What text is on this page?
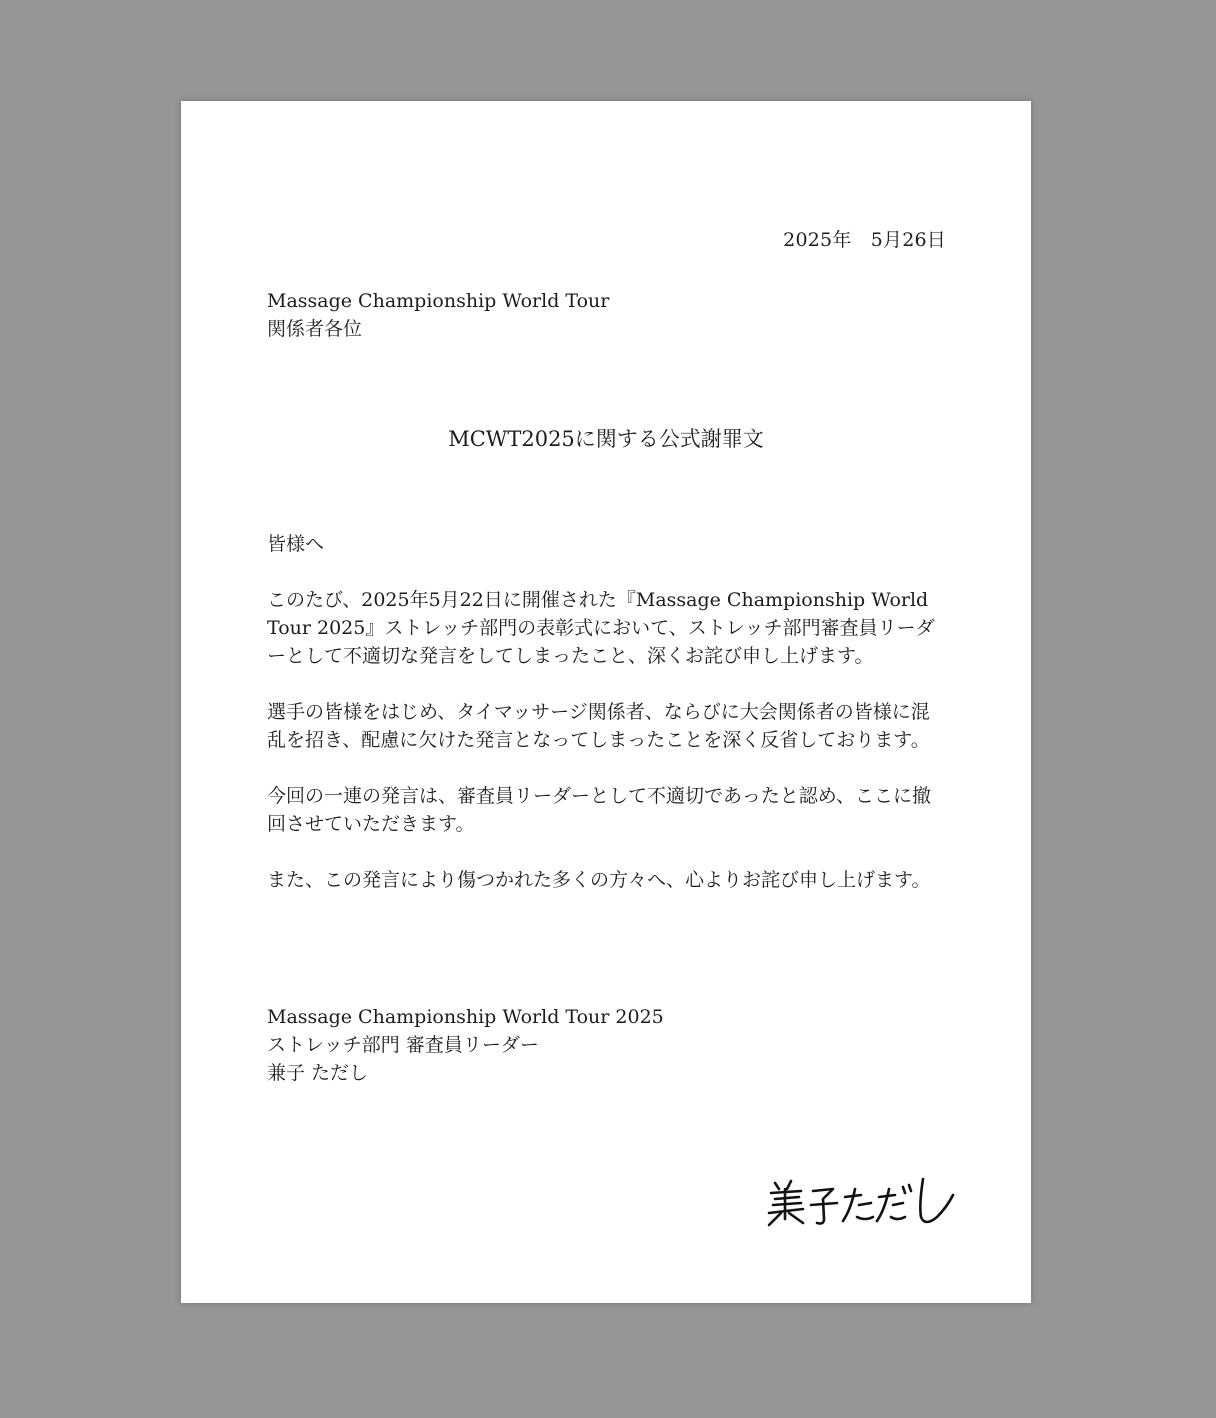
2025年　5月26日
Massage Championship World Tour
関係者各位
MCWT2025に関する公式謝罪文

皆様へ

このたび、2025年5月22日に開催された『Massage Championship World Tour 2025』ストレッチ部門の表彰式において、ストレッチ部門審査員リーダーとして不適切な発言をしてしまったこと、深くお詫び申し上げます。

選手の皆様をはじめ、タイマッサージ関係者、ならびに大会関係者の皆様に混乱を招き、配慮に欠けた発言となってしまったことを深く反省しております。

今回の一連の発言は、審査員リーダーとして不適切であったと認め、ここに撤回させていただきます。

また、この発言により傷つかれた多くの方々へ、心よりお詫び申し上げます。

Massage Championship World Tour 2025
ストレッチ部門 審査員リーダー
兼子 ただし
